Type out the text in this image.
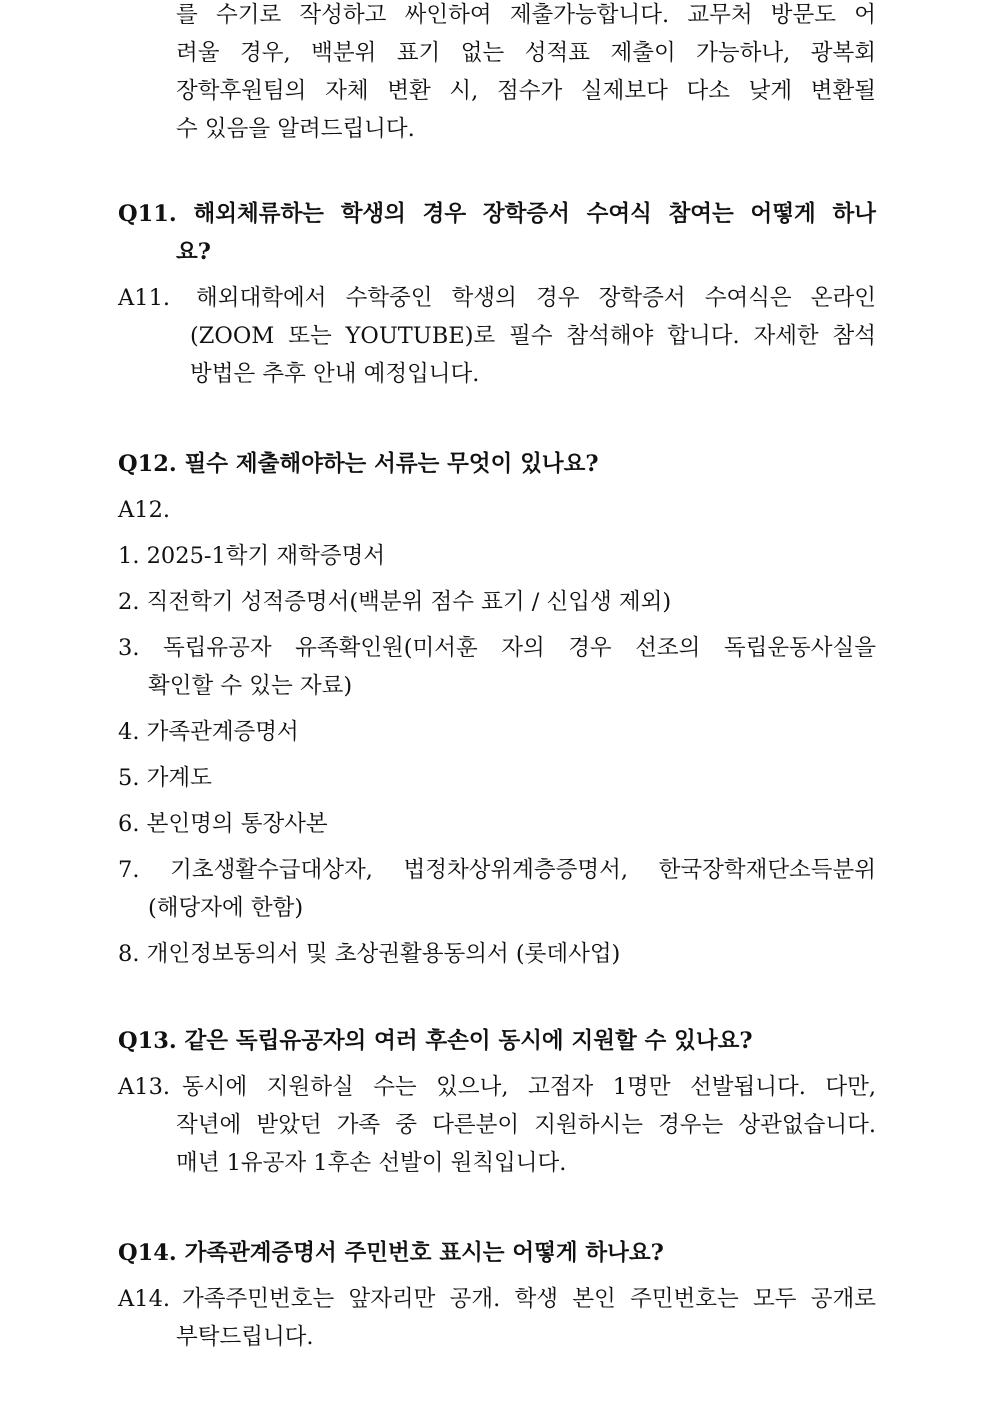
를 수기로 작성하고 싸인하여 제출가능합니다. 교무처 방문도 어
려울 경우, 백분위 표기 없는 성적표 제출이 가능하나, 광복회
장학후원팀의 자체 변환 시, 점수가 실제보다 다소 낮게 변환될
수 있음을 알려드립니다.
Q11. 해외체류하는 학생의 경우 장학증서 수여식 참여는 어떻게 하나
요?
A11. 해외대학에서 수학중인 학생의 경우 장학증서 수여식은 온라인
(ZOOM 또는 YOUTUBE)로 필수 참석해야 합니다. 자세한 참석
방법은 추후 안내 예정입니다.
Q12. 필수 제출해야하는 서류는 무엇이 있나요?
A12.
1. 2025-1학기 재학증명서
2. 직전학기 성적증명서(백분위 점수 표기 / 신입생 제외)
3. 독립유공자 유족확인원(미서훈 자의 경우 선조의 독립운동사실을
확인할 수 있는 자료)
4. 가족관계증명서
5. 가계도
6. 본인명의 통장사본
7. 기초생활수급대상자, 법정차상위계층증명서, 한국장학재단소득분위
(해당자에 한함)
8. 개인정보동의서 및 초상권활용동의서 (롯데사업)
Q13. 같은 독립유공자의 여러 후손이 동시에 지원할 수 있나요?
A13. 동시에 지원하실 수는 있으나, 고점자 1명만 선발됩니다. 다만,
작년에 받았던 가족 중 다른분이 지원하시는 경우는 상관없습니다.
매년 1유공자 1후손 선발이 원칙입니다.
Q14. 가족관계증명서 주민번호 표시는 어떻게 하나요?
A14. 가족주민번호는 앞자리만 공개. 학생 본인 주민번호는 모두 공개로
부탁드립니다.
